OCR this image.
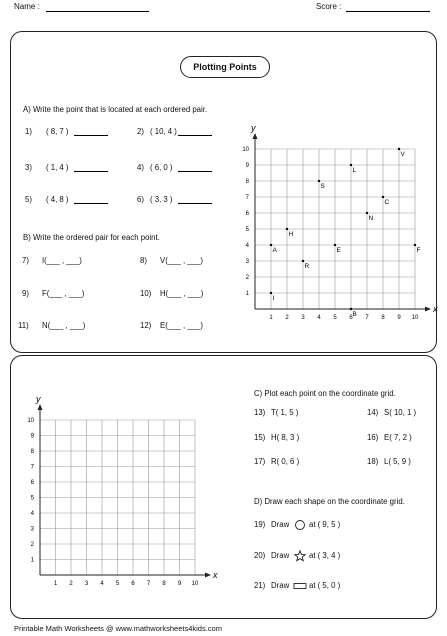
Name :	Score :
Plotting Points
A) Write the point that is located at each ordered pair.
1) ( 8, 7 )	2) ( 10, 4 )
3) ( 1, 4 )	4) ( 6, 0 )
5) ( 4, 8 )	6) ( 3, 3 )
B) Write the ordered pair for each point.
7) I(___ , ___)	8) V(___ , ___)
9) F(___ , ___)	10) H(___ , ___)
11) N(___ , ___)	12) E(___ , ___)
x
y
1
1
2
2
3
3
4
4
5
5
6
6
7
7
8
8
9
9
10
10
A
H
R
S
E
L
B
N
C
V
F
I
x
y
1
1
2
2
3
3
4
4
5
5
6
6
7
7
8
8
9
9
10
10
C) Plot each point on the coordinate grid.
13) T( 1, 5 )	14) S( 10, 1 )
15) H( 8, 3 )	16) E( 7, 2 )
17) R( 0, 6 )	18) L( 5, 9 )
D) Draw each shape on the coordinate grid.
19) Draw	at ( 9, 5 )
20) Draw	at ( 3, 4 )
21) Draw	at ( 5, 0 )
Printable Math Worksheets @ www.mathworksheets4kids.com
